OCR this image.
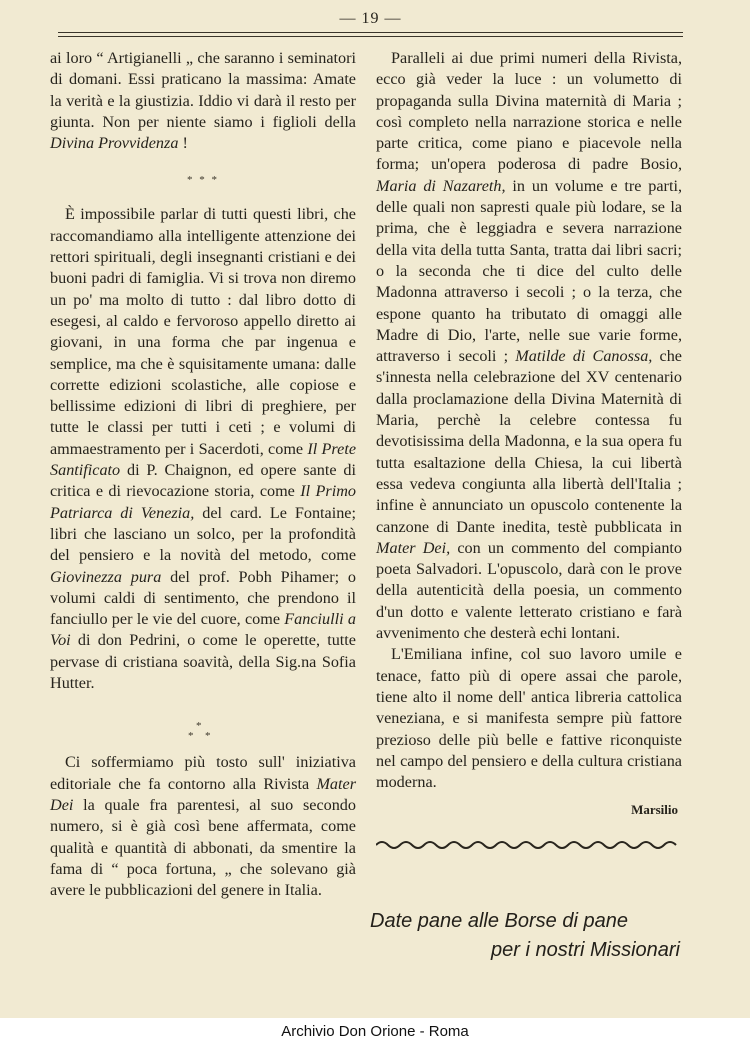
— 19 —

ai loro “ Artigianelli „ che saranno i seminatori di domani. Essi praticano la massima: Amate la verità e la giustizia. Iddio vi darà il resto per giunta. Non per niente siamo i figlioli della Divina Provvidenza !

* * *

È impossibile parlar di tutti questi libri, che raccomandiamo alla intelligente attenzione dei rettori spirituali, degli insegnanti cristiani e dei buoni padri di famiglia. Vi si trova non diremo un po' ma molto di tutto : dal libro dotto di esegesi, al caldo e fervoroso appello diretto ai giovani, in una forma che par ingenua e semplice, ma che è squisitamente umana: dalle corrette edizioni scolastiche, alle copiose e bellissime edizioni di libri di preghiere, per tutte le classi per tutti i ceti ; e volumi di ammaestramento per i Sacerdoti, come Il Prete Santificato di P. Chaignon, ed opere sante di critica e di rievocazione storia, come Il Primo Patriarca di Venezia, del card. Le Fontaine; libri che lasciano un solco, per la profondità del pensiero e la novità del metodo, come Giovinezza pura del prof. Pobh Pihamer; o volumi caldi di sentimento, che prendono il fanciullo per le vie del cuore, come Fanciulli a Voi di don Pedrini, o come le operette, tutte pervase di cristiana soavità, della Sig.na Sofia Hutter.

*
* *

Ci soffermiamo più tosto sull' iniziativa editoriale che fa contorno alla Rivista Mater Dei la quale fra parentesi, al suo secondo numero, si è già così bene affermata, come qualità e quantità di abbonati, da smentire la fama di “ poca fortuna, „ che solevano già avere le pubblicazioni del genere in Italia.

Paralleli ai due primi numeri della Rivista, ecco già veder la luce : un volumetto di propaganda sulla Divina maternità di Maria ; così completo nella narrazione storica e nelle parte critica, come piano e piacevole nella forma; un'opera poderosa di padre Bosio, Maria di Nazareth, in un volume e tre parti, delle quali non sapresti quale più lodare, se la prima, che è leggiadra e severa narrazione della vita della tutta Santa, tratta dai libri sacri; o la seconda che ti dice del culto delle Madonna attraverso i secoli ; o la terza, che espone quanto ha tributato di omaggi alle Madre di Dio, l'arte, nelle sue varie forme, attraverso i secoli ; Matilde di Canossa, che s'innesta nella celebrazione del XV centenario dalla proclamazione della Divina Maternità di Maria, perchè la celebre contessa fu devotisissima della Madonna, e la sua opera fu tutta esaltazione della Chiesa, la cui libertà essa vedeva congiunta alla libertà dell'Italia ; infine è annunciato un opuscolo contenente la canzone di Dante inedita, testè pubblicata in Mater Dei, con un commento del compianto poeta Salvadori. L'opuscolo, darà con le prove della autenticità della poesia, un commento d'un dotto e valente letterato cristiano e farà avvenimento che desterà echi lontani.

L'Emiliana infine, col suo lavoro umile e tenace, fatto più di opere assai che parole, tiene alto il nome dell' antica libreria cattolica veneziana, e si manifesta sempre più fattore prezioso delle più belle e fattive riconquiste nel campo del pensiero e della cultura cristiana moderna.

Marsilio
Date pane alle Borse di pane
per i nostri Missionari
Archivio Don Orione - Roma
